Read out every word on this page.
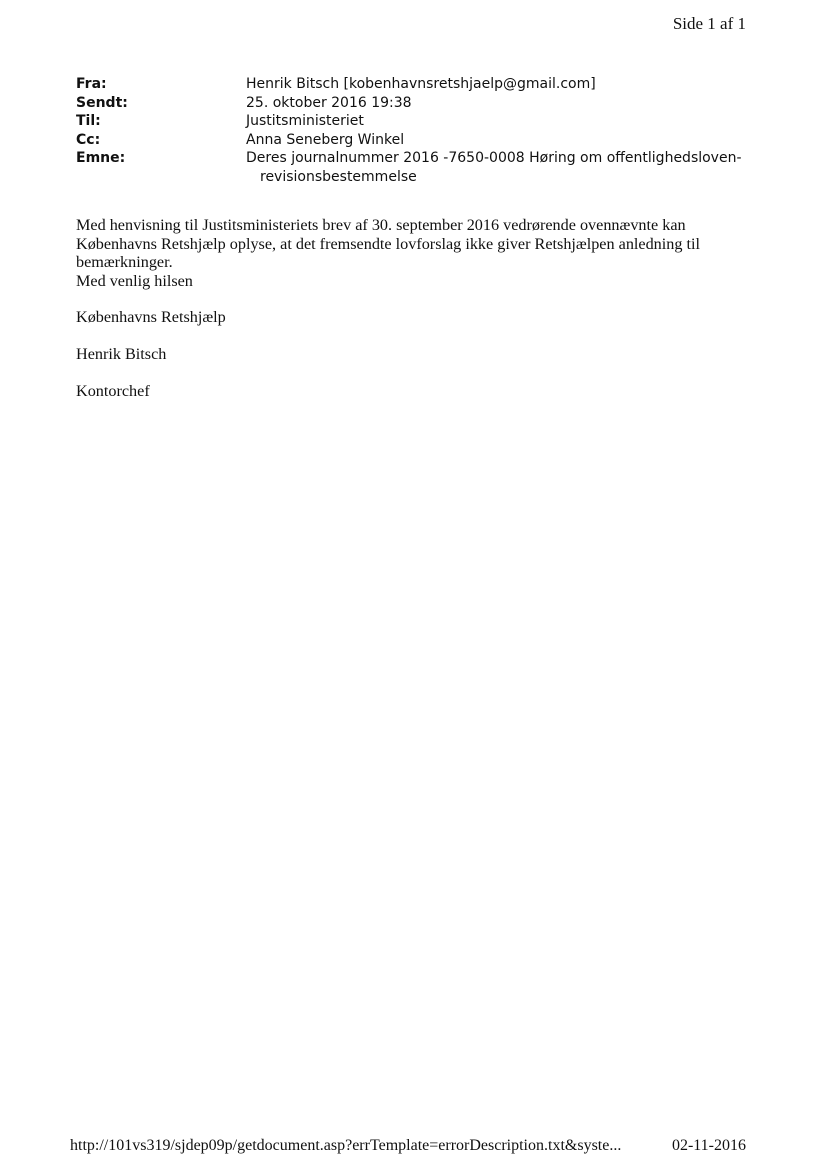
Side 1 af 1
Fra:	Henrik Bitsch [kobenhavnsretshjaelp@gmail.com]
Sendt:	25. oktober 2016 19:38
Til:	Justitsministeriet
Cc:	Anna Seneberg Winkel
Emne:	Deres journalnummer 2016 -7650-0008 Høring om offentlighedsloven-
revisionsbestemmelse

Med henvisning til Justitsministeriets brev af 30. september 2016 vedrørende ovennævnte kan

Københavns Retshjælp oplyse, at det fremsendte lovforslag ikke giver Retshjælpen anledning til

bemærkninger.

Med venlig hilsen

Københavns Retshjælp

Henrik Bitsch

Kontorchef

http://101vs319/sjdep09p/getdocument.asp?errTemplate=errorDescription.txt&syste...	02-11-2016
